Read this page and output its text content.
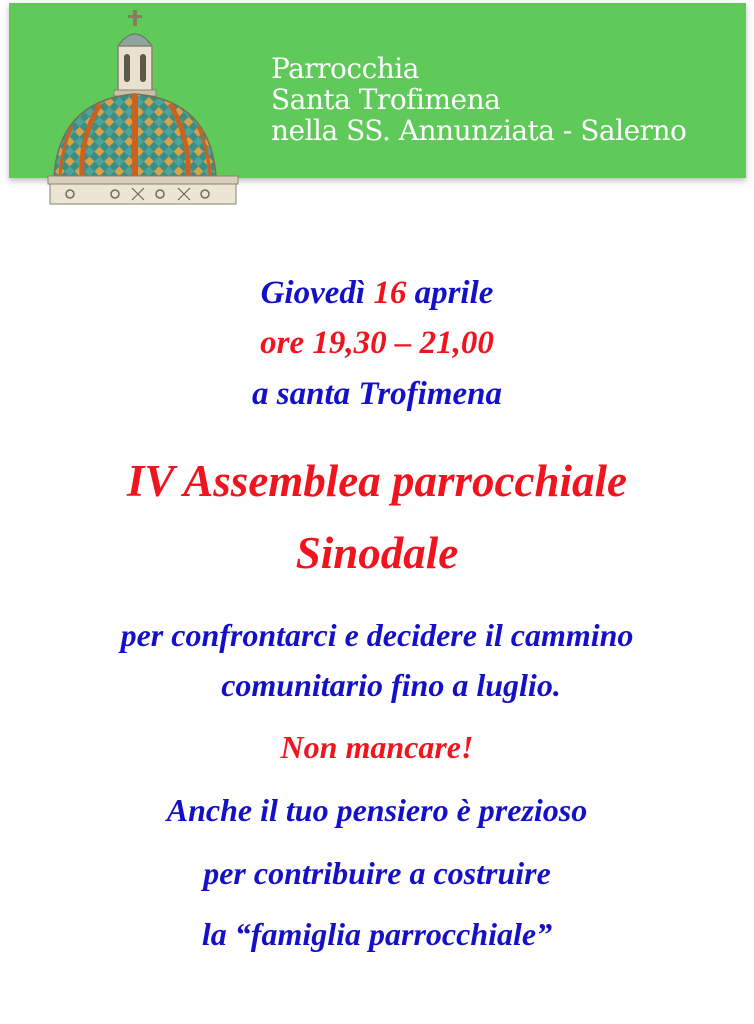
Parrocchia
Santa Trofimena
nella SS. Annunziata - Salerno
Giovedì 16 aprile
ore 19,30 – 21,00
a santa Trofimena
IV Assemblea parrocchiale
Sinodale
per confrontarci e decidere il cammino
comunitario fino a luglio.
Non mancare!
Anche il tuo pensiero è prezioso
per contribuire a costruire
la “famiglia parrocchiale”
